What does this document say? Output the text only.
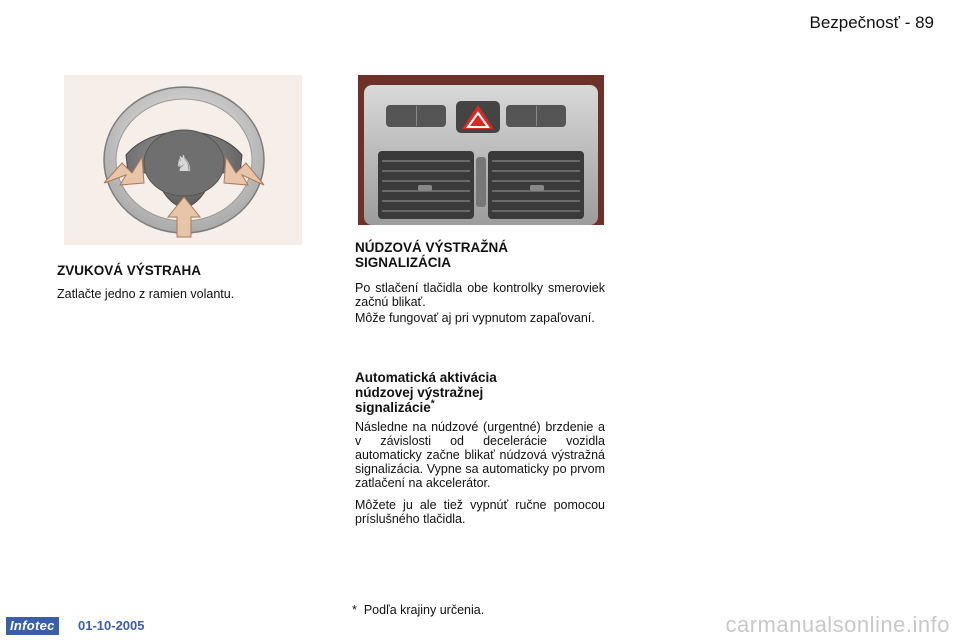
Bezpečnosť - 89
♞
ZVUKOVÁ VÝSTRAHA
Zatlačte jedno z ramien volantu.
NÚDZOVÁ VÝSTRAŽNÁ
SIGNALIZÁCIA
Po stlačení tlačidla obe kontrolky smeroviek začnú blikať.
Môže fungovať aj pri vypnutom zapaľovaní.
Automatická aktivácia
núdzovej výstražnej
signalizácie*
Následne na núdzové (urgentné) brzdenie a v závislosti od decelerácie vozidla automaticky začne blikať núdzová výstražná signalizácia. Vypne sa automaticky po prvom zatlačení na akcelerátor.
Môžete ju ale tiež vypnúť ručne pomocou príslušného tlačidla.
* Podľa krajiny určenia.
Infotec	01-10-2005	carmanualsonline.info
